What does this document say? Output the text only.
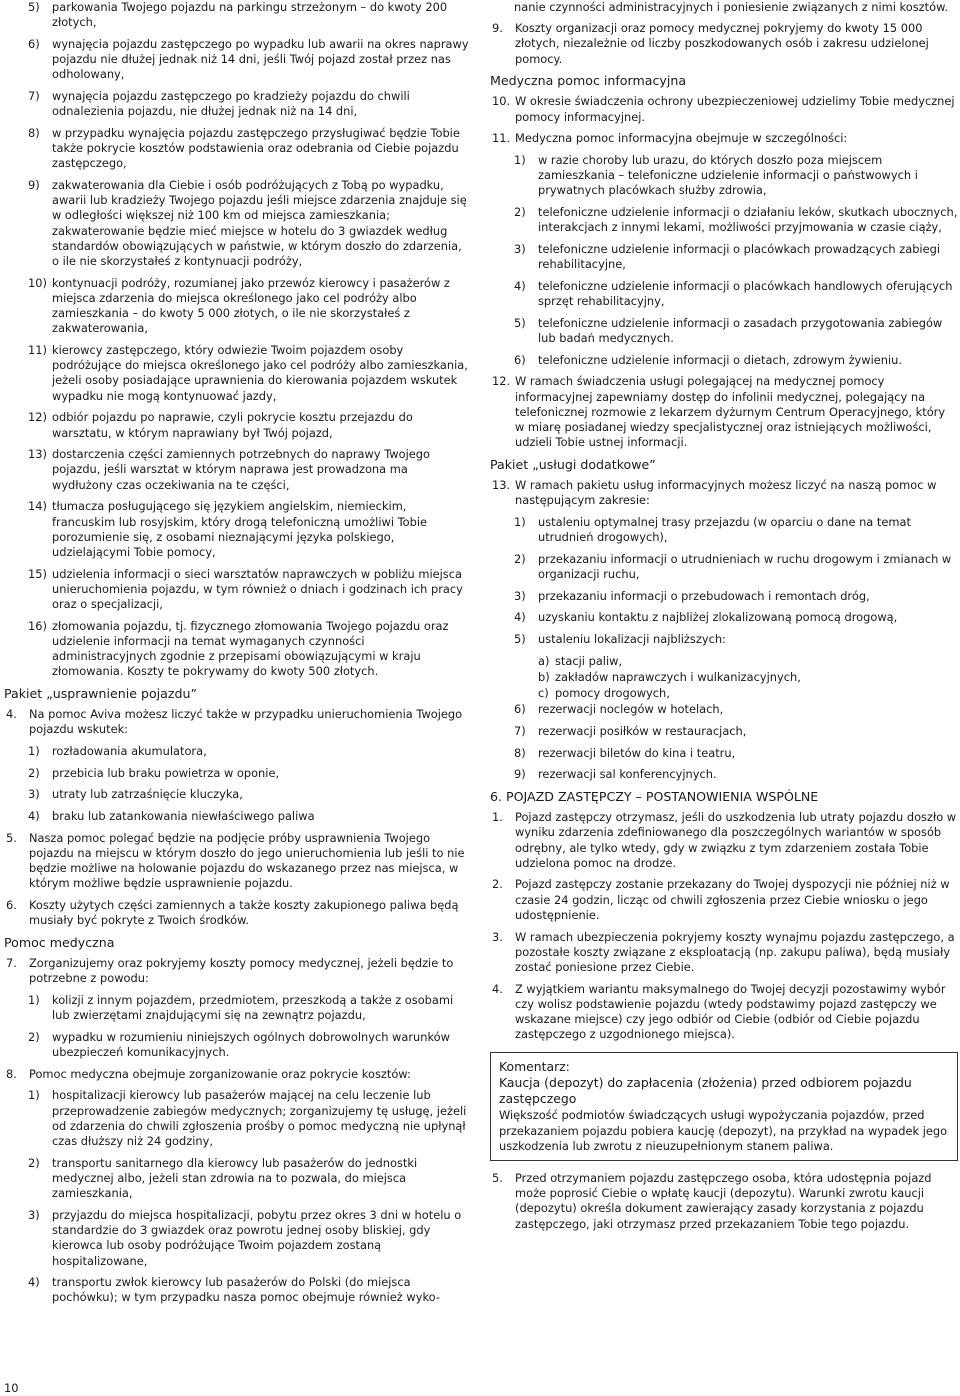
5)	parkowania Twojego pojazdu na parkingu strzeżonym – do kwoty 200 złotych,
6)	wynajęcia pojazdu zastępczego po wypadku lub awarii na okres naprawy pojazdu nie dłużej jednak niż 14 dni, jeśli Twój pojazd został przez nas odholowany,
7)	wynajęcia pojazdu zastępczego po kradzieży pojazdu do chwili odnalezienia pojazdu, nie dłużej jednak niż na 14 dni,
8)	w przypadku wynajęcia pojazdu zastępczego przysługiwać będzie Tobie także pokrycie kosztów podstawienia oraz odebrania od Ciebie pojazdu zastępczego,
9)	zakwaterowania dla Ciebie i osób podróżujących z Tobą po wypadku, awarii lub kradzieży Twojego pojazdu jeśli miejsce zdarzenia znajduje się w odległości większej niż 100 km od miejsca zamieszkania; zakwaterowanie będzie mieć miejsce w hotelu do 3 gwiazdek według standardów obowiązujących w państwie, w którym doszło do zdarzenia, o ile nie skorzystałeś z kontynuacji podróży,
10) kontynuacji podróży, rozumianej jako przewóz kierowcy i pasażerów z miejsca zdarzenia do miejsca określonego jako cel podróży albo zamieszkania – do kwoty 5 000 złotych, o ile nie skorzystałeś z zakwaterowania,
11) kierowcy zastępczego, który odwiezie Twoim pojazdem osoby podróżujące do miejsca określonego jako cel podróży albo zamieszkania, jeżeli osoby posiadające uprawnienia do kierowania pojazdem wskutek wypadku nie mogą kontynuować jazdy,
12) odbiór pojazdu po naprawie, czyli pokrycie kosztu przejazdu do warsztatu, w którym naprawiany był Twój pojazd,
13) dostarczenia części zamiennych potrzebnych do naprawy Twojego pojazdu, jeśli warsztat w którym naprawa jest prowadzona ma wydłużony czas oczekiwania na te części,
14) tłumacza posługującego się językiem angielskim, niemieckim, francuskim lub rosyjskim, który drogą telefoniczną umożliwi Tobie porozumienie się, z osobami nieznającymi języka polskiego, udzielającymi Tobie pomocy,
15) udzielenia informacji o sieci warsztatów naprawczych w pobliżu miejsca unieruchomienia pojazdu, w tym również o dniach i godzinach ich pracy oraz o specjalizacji,
16) złomowania pojazdu, tj. fizycznego złomowania Twojego pojazdu oraz udzielenie informacji na temat wymaganych czynności administracyjnych zgodnie z przepisami obowiązującymi w kraju złomowania. Koszty te pokrywamy do kwoty 500 złotych.
Pakiet „usprawnienie pojazdu”
4.	Na pomoc Aviva możesz liczyć także w przypadku unieruchomienia Twojego pojazdu wskutek:
1)	rozładowania akumulatora,
2)	przebicia lub braku powietrza w oponie,
3)	utraty lub zatrzaśnięcie kluczyka,
4)	braku lub zatankowania niewłaściwego paliwa
5.	Nasza pomoc polegać będzie na podjęcie próby usprawnienia Twojego pojazdu na miejscu w którym doszło do jego unieruchomienia lub jeśli to nie będzie możliwe na holowanie pojazdu do wskazanego przez nas miejsca, w którym możliwe będzie usprawnienie pojazdu.
6.	Koszty użytych części zamiennych a także koszty zakupionego paliwa będą musiały być pokryte z Twoich środków.
Pomoc medyczna
7.	Zorganizujemy oraz pokryjemy koszty pomocy medycznej, jeżeli będzie to potrzebne z powodu:
1)	kolizji z innym pojazdem, przedmiotem, przeszkodą a także z osobami lub zwierzętami znajdującymi się na zewnątrz pojazdu,
2)	wypadku w rozumieniu niniejszych ogólnych dobrowolnych warunków ubezpieczeń komunikacyjnych.
8.	Pomoc medyczna obejmuje zorganizowanie oraz pokrycie kosztów:
1)	hospitalizacji kierowcy lub pasażerów mającej na celu leczenie lub przeprowadzenie zabiegów medycznych; zorganizujemy tę usługę, jeżeli od zdarzenia do chwili zgłoszenia prośby o pomoc medyczną nie upłynął czas dłuższy niż 24 godziny,
2)	transportu sanitarnego dla kierowcy lub pasażerów do jednostki medycznej albo, jeżeli stan zdrowia na to pozwala, do miejsca zamieszkania,
3)	przyjazdu do miejsca hospitalizacji, pobytu przez okres 3 dni w hotelu o standardzie do 3 gwiazdek oraz powrotu jednej osoby bliskiej, gdy kierowca lub osoby podróżujące Twoim pojazdem zostaną hospitalizowane,
4)	transportu zwłok kierowcy lub pasażerów do Polski (do miejsca pochówku); w tym przypadku nasza pomoc obejmuje również wyko-
nanie czynności administracyjnych i poniesienie związanych z nimi kosztów.
9.	Koszty organizacji oraz pomocy medycznej pokryjemy do kwoty 15 000 złotych, niezależnie od liczby poszkodowanych osób i zakresu udzielonej pomocy.
Medyczna pomoc informacyjna
10. W okresie świadczenia ochrony ubezpieczeniowej udzielimy Tobie medycznej pomocy informacyjnej.
11. Medyczna pomoc informacyjna obejmuje w szczególności:
1)	w razie choroby lub urazu, do których doszło poza miejscem zamieszkania – telefoniczne udzielenie informacji o państwowych i prywatnych placówkach służby zdrowia,
2)	telefoniczne udzielenie informacji o działaniu leków, skutkach ubocznych, interakcjach z innymi lekami, możliwości przyjmowania w czasie ciąży,
3)	telefoniczne udzielenie informacji o placówkach prowadzących zabiegi rehabilitacyjne,
4)	telefoniczne udzielenie informacji o placówkach handlowych oferujących sprzęt rehabilitacyjny,
5)	telefoniczne udzielenie informacji o zasadach przygotowania zabiegów lub badań medycznych.
6)	telefoniczne udzielenie informacji o dietach, zdrowym żywieniu.
12. W ramach świadczenia usługi polegającej na medycznej pomocy informacyjnej zapewniamy dostęp do infolinii medycznej, polegający na telefonicznej rozmowie z lekarzem dyżurnym Centrum Operacyjnego, który w miarę posiadanej wiedzy specjalistycznej oraz istniejących możliwości, udzieli Tobie ustnej informacji.
Pakiet „usługi dodatkowe”
13. W ramach pakietu usług informacyjnych możesz liczyć na naszą pomoc w następującym zakresie:
1)	ustaleniu optymalnej trasy przejazdu (w oparciu o dane na temat utrudnień drogowych),
2)	przekazaniu informacji o utrudnieniach w ruchu drogowym i zmianach w organizacji ruchu,
3)	przekazaniu informacji o przebudowach i remontach dróg,
4)	uzyskaniu kontaktu z najbliżej zlokalizowaną pomocą drogową,
5)	ustaleniu lokalizacji najbliższych:
a) stacji paliw,
b) zakładów naprawczych i wulkanizacyjnych,
c) pomocy drogowych,
6)	rezerwacji noclegów w hotelach,
7)	rezerwacji posiłków w restauracjach,
8)	rezerwacji biletów do kina i teatru,
9)	rezerwacji sal konferencyjnych.
6. POJAZD ZASTĘPCZY – POSTANOWIENIA WSPÓLNE
1.	Pojazd zastępczy otrzymasz, jeśli do uszkodzenia lub utraty pojazdu doszło w wyniku zdarzenia zdefiniowanego dla poszczególnych wariantów w sposób odrębny, ale tylko wtedy, gdy w związku z tym zdarzeniem została Tobie udzielona pomoc na drodze.
2.	Pojazd zastępczy zostanie przekazany do Twojej dyspozycji nie później niż w czasie 24 godzin, licząc od chwili zgłoszenia przez Ciebie wniosku o jego udostępnienie.
3.	W ramach ubezpieczenia pokryjemy koszty wynajmu pojazdu zastępczego, a pozostałe koszty związane z eksploatacją (np. zakupu paliwa), będą musiały zostać poniesione przez Ciebie.
4.	Z wyjątkiem wariantu maksymalnego do Twojej decyzji pozostawimy wybór czy wolisz podstawienie pojazdu (wtedy podstawimy pojazd zastępczy we wskazane miejsce) czy jego odbiór od Ciebie (odbiór od Ciebie pojazdu zastępczego z uzgodnionego miejsca).
Komentarz:
Kaucja (depozyt) do zapłacenia (złożenia) przed odbiorem pojazdu zastępczego
Większość podmiotów świadczących usługi wypożyczania pojazdów, przed przekazaniem pojazdu pobiera kaucję (depozyt), na przykład na wypadek jego uszkodzenia lub zwrotu z nieuzupełnionym stanem paliwa.
5.	Przed otrzymaniem pojazdu zastępczego osoba, która udostępnia pojazd może poprosić Ciebie o wpłatę kaucji (depozytu). Warunki zwrotu kaucji (depozytu) określa dokument zawierający zasady korzystania z pojazdu zastępczego, jaki otrzymasz przed przekazaniem Tobie tego pojazdu.
10
